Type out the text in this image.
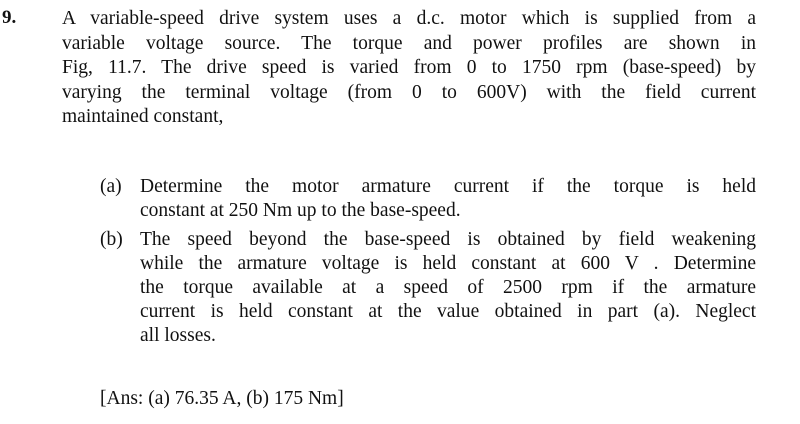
9. A variable-speed drive system uses a d.c. motor which is supplied from a
variable voltage source. The torque and power profiles are shown in
Fig, 11.7. The drive speed is varied from 0 to 1750 rpm (base-speed) by
varying the terminal voltage (from 0 to 600V) with the field current
maintained constant,
(a) Determine the motor armature current if the torque is held
constant at 250 Nm up to the base-speed.
(b) The speed beyond the base-speed is obtained by field weakening
while the armature voltage is held constant at 600 V . Determine
the torque available at a speed of 2500 rpm if the armature
current is held constant at the value obtained in part (a). Neglect
all losses.
[Ans: (a) 76.35 A, (b) 175 Nm]
